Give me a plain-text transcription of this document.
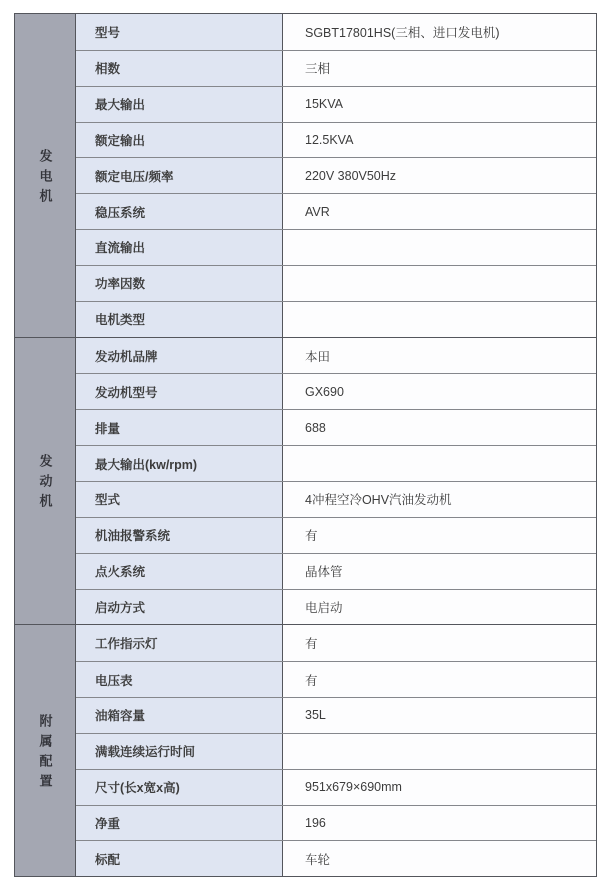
发电机
型号	SGBT17801HS(三相、进口发电机)
相数	三相
最大输出	15KVA
额定输出	12.5KVA
额定电压/频率	220V 380V50Hz
稳压系统	AVR
直流输出
功率因数
电机类型
发动机
发动机品牌	本田
发动机型号	GX690
排量	688
最大输出(kw/rpm)
型式	4冲程空冷OHV汽油发动机
机油报警系统	有
点火系统	晶体管
启动方式	电启动
附属配置
工作指示灯	有
电压表	有
油箱容量	35L
满载连续运行时间
尺寸(长x宽x高)	951x679×690mm
净重	196
标配	车轮
